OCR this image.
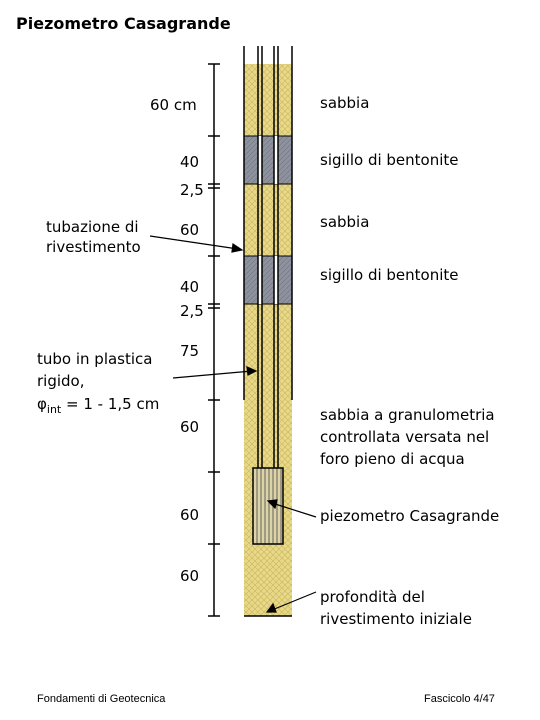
Piezometro Casagrande
60 cm
40
2,5
60
40
2,5
75
60
60
60
tubazione di
rivestimento
tubo in plastica
rigido,
$\varphi_{int} = 1 - 1,5$ cm
sabbia
sigillo di bentonite
sabbia
sigillo di bentonite
sabbia a granulometria
controllata versata nel
foro pieno di acqua
piezometro Casagrande
profondità del
rivestimento iniziale
Fondamenti di Geotecnica	Fascicolo 4/47
